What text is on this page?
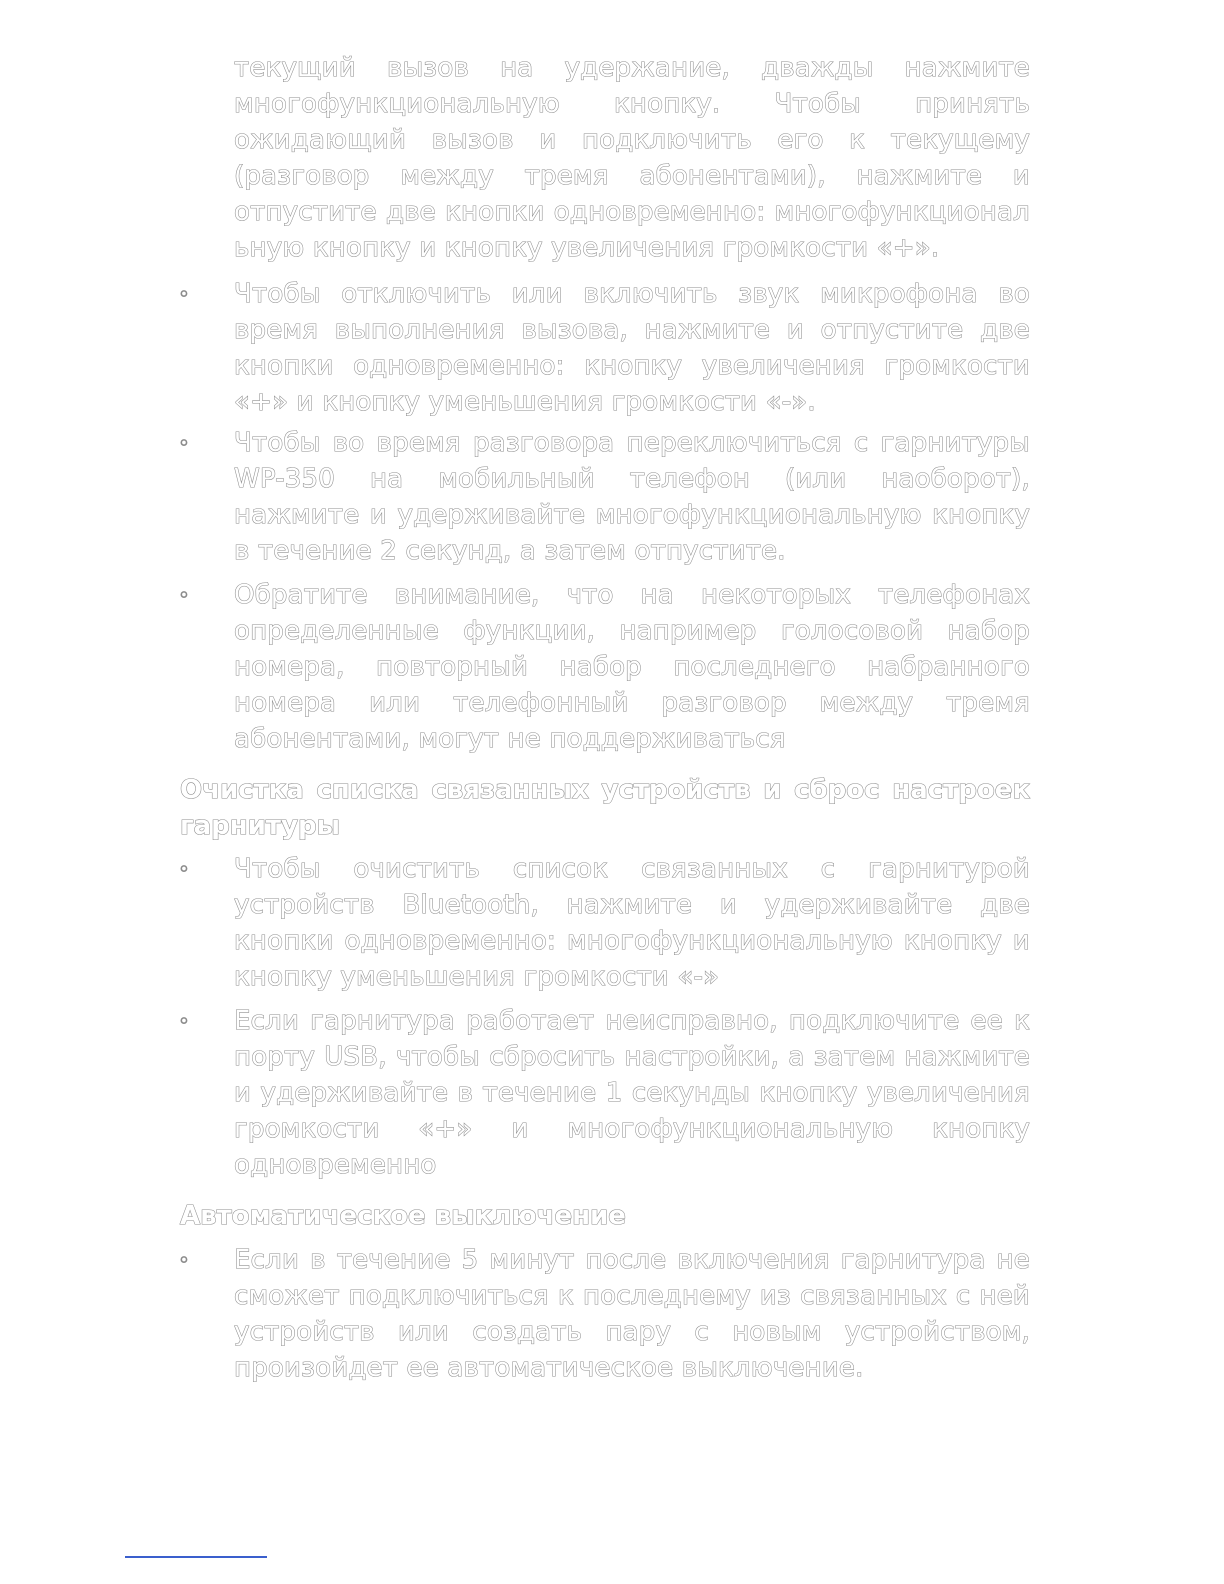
текущий вызов на удержание, дважды нажмите многофункциональную кнопку. Чтобы принять ожидающий вызов и подключить его к текущему (разговор между тремя абонентами), нажмите и отпустите две кнопки одновременно: многофункционал ьную кнопку и кнопку увеличения громкости «+».

◦ Чтобы отключить или включить звук микрофона во время выполнения вызова, нажмите и отпустите две кнопки одновременно: кнопку увеличения громкости «+» и кнопку уменьшения громкости «-».

◦ Чтобы во время разговора переключиться с гарнитуры WP-350 на мобильный телефон (или наоборот), нажмите и удерживайте многофункциональную кнопку в течение 2 секунд, а затем отпустите.

◦ Обратите внимание, что на некоторых телефонах определенные функции, например голосовой набор номера, повторный набор последнего набранного номера или телефонный разговор между тремя абонентами, могут не поддерживаться

Очистка списка связанных устройств и сброс настроек гарнитуры
◦ Чтобы очистить список связанных с гарнитурой устройств Bluetooth, нажмите и удерживайте две кнопки одновременно: многофункциональную кнопку и кнопку уменьшения громкости «-»

◦ Если гарнитура работает неисправно, подключите ее к порту USB, чтобы сбросить настройки, а затем нажмите и удерживайте в течение 1 секунды кнопку увеличения громкости «+» и многофункциональную кнопку одновременно

Автоматическое выключение
◦ Если в течение 5 минут после включения гарнитура не сможет подключиться к последнему из связанных с ней устройств или создать пару с новым устройством, произойдет ее автоматическое выключение.
